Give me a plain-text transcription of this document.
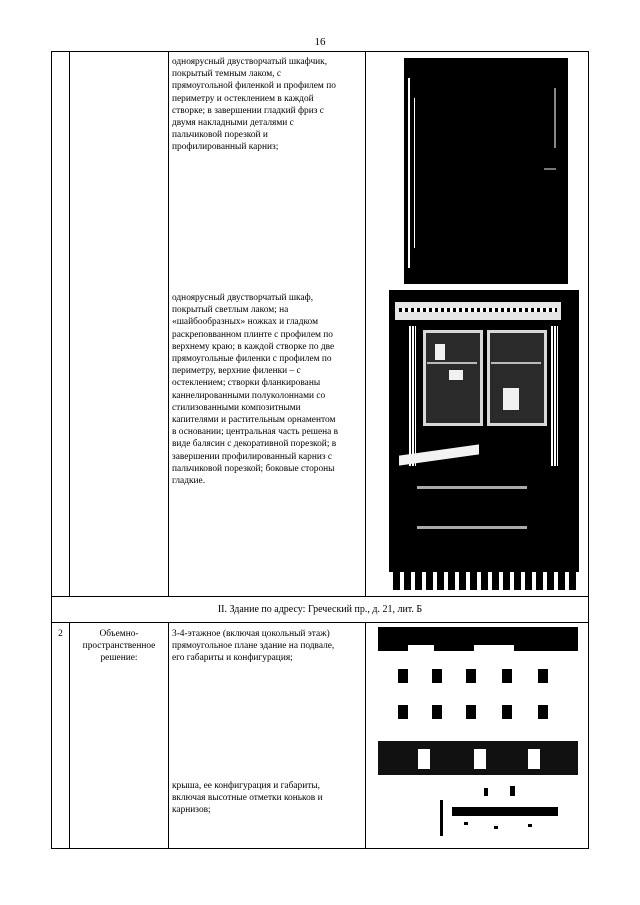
16
одноярусный двустворчатый шкафчик,
покрытый темным лаком, с
прямоугольной филенкой и профилем по
периметру и остеклением в каждой
створке; в завершении гладкий фриз с
двумя накладными деталями с
пальчиковой порезкой и
профилированный карниз;
одноярусный двустворчатый шкаф,
покрытый светлым лаком; на
«шайбообразных» ножках и гладком
раскреповванном плинте с профилем по
верхнему краю; в каждой створке по две
прямоугольные филенки с профилем по
периметру, верхние филенки – с
остеклением; створки фланкированы
каннелированными полуколоннами со
стилизованными композитными
капителями и растительным орнаментом
в основании; центральная часть решена в
виде балясин с декоративной порезкой; в
завершении профилированный карниз с
пальчиковой порезкой; боковые стороны
гладкие.
II. Здание по адресу: Греческий пр., д. 21, лит. Б
2	Объемно-
пространственное
решение:
3-4-этажное (включая цокольный этаж)
прямоугольное плане здание на подвале,
его габариты и конфигурация;
крыша, ее конфигурация и габариты,
включая высотные отметки коньков и
карнизов;
